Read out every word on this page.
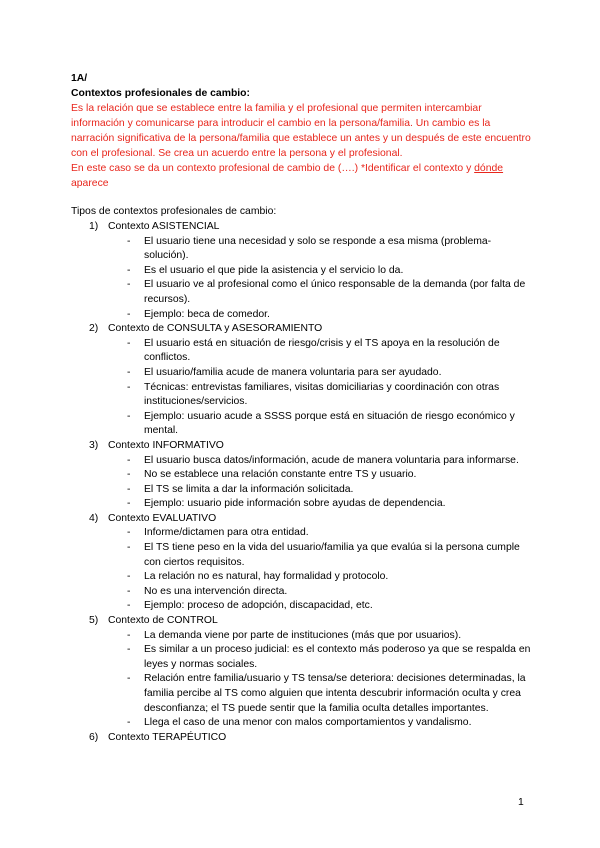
1A/
Contextos profesionales de cambio:
Es la relación que se establece entre la familia y el profesional que permiten intercambiar información y comunicarse para introducir el cambio en la persona/familia. Un cambio es la narración significativa de la persona/familia que establece un antes y un después de este encuentro con el profesional. Se crea un acuerdo entre la persona y el profesional.
En este caso se da un contexto profesional de cambio de (….) *Identificar el contexto y dónde aparece
Tipos de contextos profesionales de cambio:
1) Contexto ASISTENCIAL
- El usuario tiene una necesidad y solo se responde a esa misma (problema-solución).
- Es el usuario el que pide la asistencia y el servicio lo da.
- El usuario ve al profesional como el único responsable de la demanda (por falta de recursos).
- Ejemplo: beca de comedor.
2) Contexto de CONSULTA y ASESORAMIENTO
- El usuario está en situación de riesgo/crisis y el TS apoya en la resolución de conflictos.
- El usuario/familia acude de manera voluntaria para ser ayudado.
- Técnicas: entrevistas familiares, visitas domiciliarias y coordinación con otras instituciones/servicios.
- Ejemplo: usuario acude a SSSS porque está en situación de riesgo económico y mental.
3) Contexto INFORMATIVO
- El usuario busca datos/información, acude de manera voluntaria para informarse.
- No se establece una relación constante entre TS y usuario.
- El TS se limita a dar la información solicitada.
- Ejemplo: usuario pide información sobre ayudas de dependencia.
4) Contexto EVALUATIVO
- Informe/dictamen para otra entidad.
- El TS tiene peso en la vida del usuario/familia ya que evalúa si la persona cumple con ciertos requisitos.
- La relación no es natural, hay formalidad y protocolo.
- No es una intervención directa.
- Ejemplo: proceso de adopción, discapacidad, etc.
5) Contexto de CONTROL
- La demanda viene por parte de instituciones (más que por usuarios).
- Es similar a un proceso judicial: es el contexto más poderoso ya que se respalda en leyes y normas sociales.
- Relación entre familia/usuario y TS tensa/se deteriora: decisiones determinadas, la familia percibe al TS como alguien que intenta descubrir información oculta y crea desconfianza; el TS puede sentir que la familia oculta detalles importantes.
- Llega el caso de una menor con malos comportamientos y vandalismo.
6) Contexto TERAPÉUTICO
1
